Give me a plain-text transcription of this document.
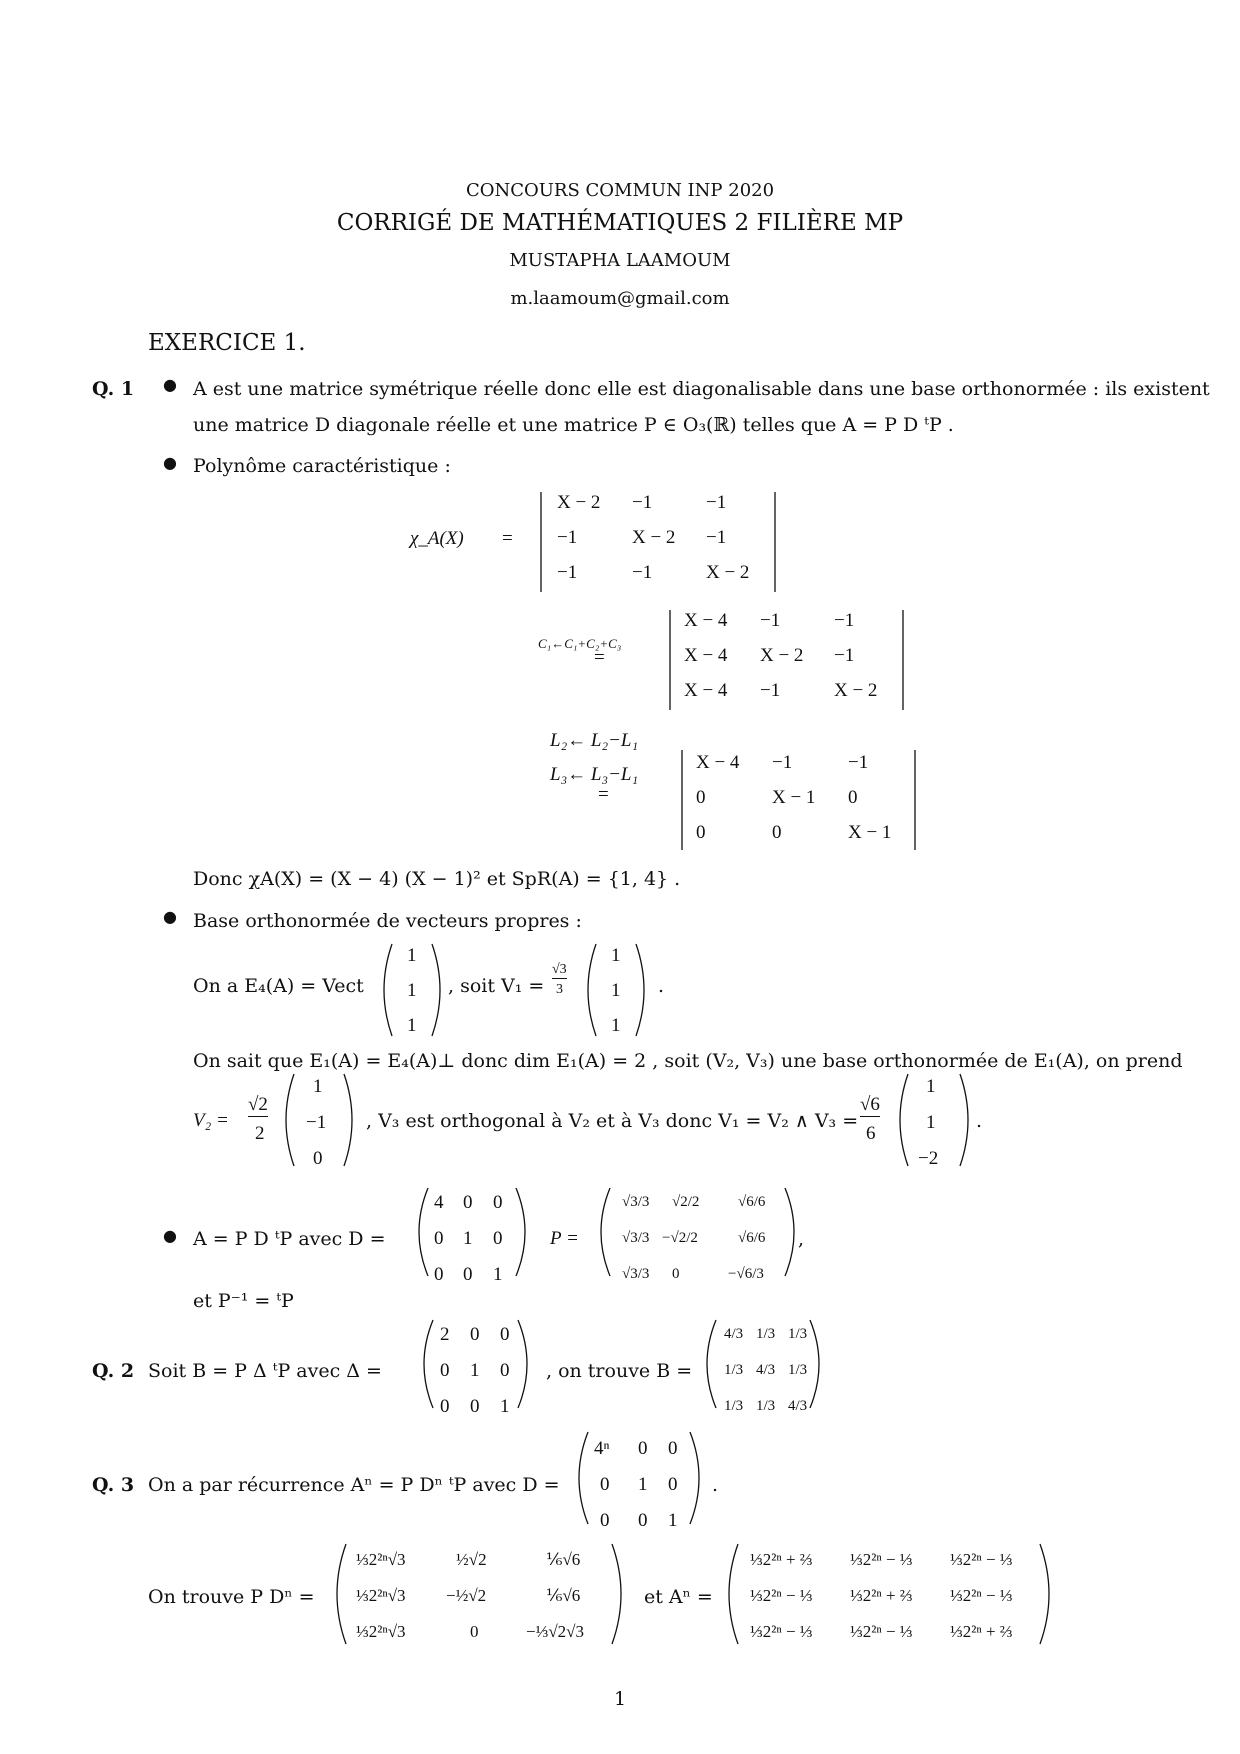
CONCOURS COMMUN INP 2020
CORRIGÉ DE MATHÉMATIQUES 2 FILIÈRE MP
MUSTAPHA LAAMOUM
m.laamoum@gmail.com
EXERCICE 1.
Q. 1 ● A est une matrice symétrique réelle donc elle est diagonalisable dans une base orthonormée : ils existent
une matrice D diagonale réelle et une matrice P ∈ O₃(ℝ) telles que A = P D ᵗP .
● Polynôme caractéristique :
χ_A(X) =
X − 2 −1	−1
−1	X − 2 −1
−1	−1	X − 2
C₁←C₁+C₂+C₃
=
X − 4 −1	−1
X − 4 X − 2 −1
X − 4 −1	X − 2
L₂← L₂−L₁
L₃← L₃−L₁
=
X − 4 −1	−1
0	X − 1 0
0	0	X − 1
Donc χA(X) = (X − 4) (X − 1)² et SpR(A) = {1, 4} .
● Base orthonormée de vecteurs propres :
On a E₄(A) = Vect
1
1
1
, soit V₁ =
√3
3
1
1
1
.
On sait que E₁(A) = E₄(A)⊥ donc dim E₁(A) = 2 , soit (V₂, V₃) une base orthonormée de E₁(A), on prend
V₂ =
√2
2
1
−1
0
, V₃ est orthogonal à V₂ et à V₃ donc V₁ = V₂ ∧ V₃ =
√6
6
1
1
−2
.
● A = P D ᵗP avec D =
4 0 0
0 1 0
0 0 1
P =
√3/3 √2/2	√6/6
√3/3 −√2/2	√6/6
√3/3 0	−√6/3
,
et P⁻¹ = ᵗP
Q. 2 Soit B = P Δ ᵗP avec Δ =
2 0 0
0 1 0
0 0 1
, on trouve B =
4/3 1/3 1/3
1/3 4/3 1/3
1/3 1/3 4/3
Q. 3 On a par récurrence Aⁿ = P Dⁿ ᵗP avec D =
4ⁿ 0 0
0 1 0
0 0 1
.
On trouve P Dⁿ =
⅓2²ⁿ√3	½√2	⅙√6
⅓2²ⁿ√3 −½√2	⅙√6
⅓2²ⁿ√3	0	−⅓√2√3
et Aⁿ =
⅓2²ⁿ + ⅔ ⅓2²ⁿ − ⅓ ⅓2²ⁿ − ⅓
⅓2²ⁿ − ⅓ ⅓2²ⁿ + ⅔ ⅓2²ⁿ − ⅓
⅓2²ⁿ − ⅓ ⅓2²ⁿ − ⅓ ⅓2²ⁿ + ⅔
1
